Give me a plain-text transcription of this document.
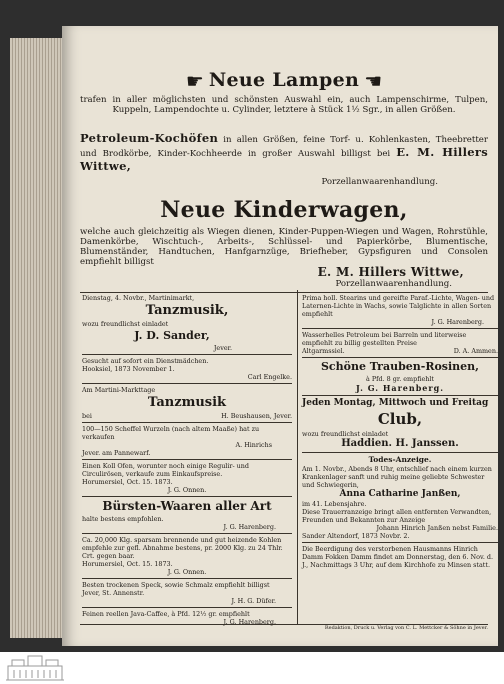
☛ Neue Lampen ☚
trafen in aller möglichsten und schönsten Auswahl ein, auch Lampenschirme, Tulpen, Kuppeln, Lampendochte u. Cylinder, letztere à Stück 1½ Sgr., in allen Größen.
Petroleum-Kochöfen in allen Größen, feine Torf- u. Kohlenkasten, Theebretter und Brodkörbe, Kinder-Kochheerde in großer Auswahl billigst bei E. M. Hillers Wittwe,
Porzellanwaarenhandlung.
Neue Kinderwagen,
welche auch gleichzeitig als Wiegen dienen, Kinder-Puppen-Wiegen und Wagen, Rohrstühle, Damenkörbe, Wischtuch-, Arbeits-, Schlüssel- und Papierkörbe, Blumentische, Blumenständer, Handtuchen, Hanfgarnzüge, Briefheber, Gypsfiguren und Consolen empfiehlt billigst
E. M. Hillers Wittwe,
Porzellanwaarenhandlung.
Dienstag, 4. Novbr., Martinimarkt,
Tanzmusik,
wozu freundlichst einladet
J. D. Sander,
Jever.
Gesucht auf sofort ein Dienstmädchen.
Hooksiel, 1873 November 1.
Carl Engelke.
Am Martini-Markttage
Tanzmusik
bei	H. Beushausen, Jever.
100—150 Scheffel Wurzeln (nach altem Maaße) hat zu verkaufen
A. Hinrichs
Jever. am Pannewarf.
Einen Koll Ofen, worunter noch einige Regulir- und Circulirösen, verkaufe zum Einkaufspreise.
Horumersiel, Oct. 15. 1873.
J. G. Onnen.
Bürsten-Waaren aller Art
halte bestens empfohlen.
J. G. Harenberg.
Ca. 20,000 Klg. sparsam brennende und gut heizende Kohlen empfehle zur gefl. Abnahme bestens, pr. 2000 Klg. zu 24 Thlr. Crt. gegen baar.
Horumersiel, Oct. 15. 1873.
J. G. Onnen.
Besten trockenen Speck, sowie Schmalz empfiehlt billigst
Jever, St. Annenstr.
J. H. G. Düfer.
Feinen reellen Java-Caffee, à Pfd. 12½ gr. empfiehlt
J. G. Harenberg.
Prima holl. Stearins und gereifte Paraf.-Lichte, Wagen- und Laternen-Lichte in Wachs, sowie Talglichte in allen Sorten empfiehlt
J. G. Harenberg.
Wasserhelles Petroleum bei Barreln und literweise empfiehlt zu billig gestellten Preise
Altgarmssiel.	D. A. Ammen.
Schöne Trauben-Rosinen,
à Pfd. 8 gr. empfiehlt
J. G. Harenberg.
Jeden Montag, Mittwoch und Freitag
Club,
wozu freundlichst einladet
Haddien. H. Janssen.
Todes-Anzeige.
Am 1. Novbr., Abends 8 Uhr, entschlief nach einem kurzen Krankenlager sanft und ruhig meine geliebte Schwester und Schwiegerin,
Anna Catharine Janßen,
im 41. Lebensjahre.
Diese Trauerranzeige bringt allen entfernten Verwandten, Freunden und Bekannten zur Anzeige
Johann Hinrich Janßen nebst Familie.
Sander Altendorf, 1873 Novbr. 2.
Die Beerdigung des verstorbenen Hausmanns Hinrich Damm Fokken Damm findet am Donnerstag, den 6. Nov. d. J., Nachmittags 3 Uhr, auf dem Kirchhofe zu Minsen statt.
Redaktion, Druck u. Verlag von C. L. Mettcker & Söhne in Jever.
